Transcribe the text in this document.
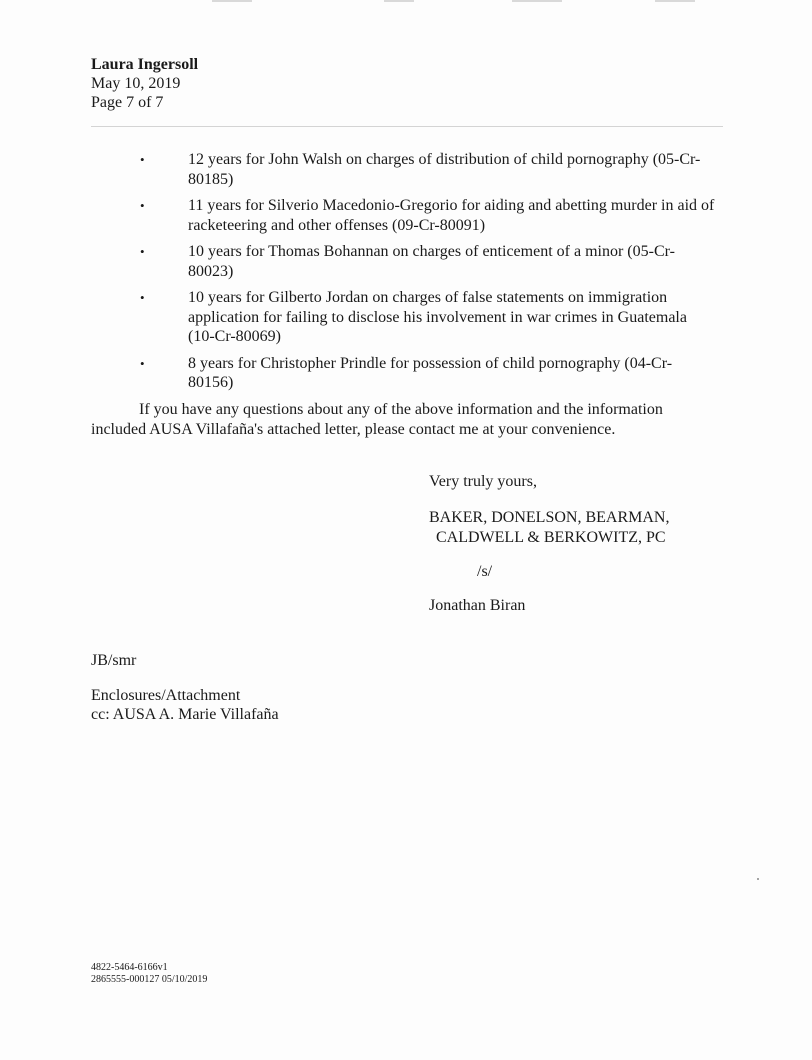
Laura Ingersoll
May 10, 2019
Page 7 of 7
•	12 years for John Walsh on charges of distribution of child pornography (05-Cr-
80185)
•	11 years for Silverio Macedonio-Gregorio for aiding and abetting murder in aid of
racketeering and other offenses (09-Cr-80091)
•	10 years for Thomas Bohannan on charges of enticement of a minor (05-Cr-
80023)
•	10 years for Gilberto Jordan on charges of false statements on immigration
application for failing to disclose his involvement in war crimes in Guatemala
(10-Cr-80069)
•	8 years for Christopher Prindle for possession of child pornography (04-Cr-
80156)
If you have any questions about any of the above information and the information
included AUSA Villafaña's attached letter, please contact me at your convenience.
Very truly yours,
BAKER, DONELSON, BEARMAN,
CALDWELL & BERKOWITZ, PC
/s/
Jonathan Biran
JB/smr
Enclosures/Attachment
cc: AUSA A. Marie Villafaña
4822-5464-6166v1
2865555-000127 05/10/2019
